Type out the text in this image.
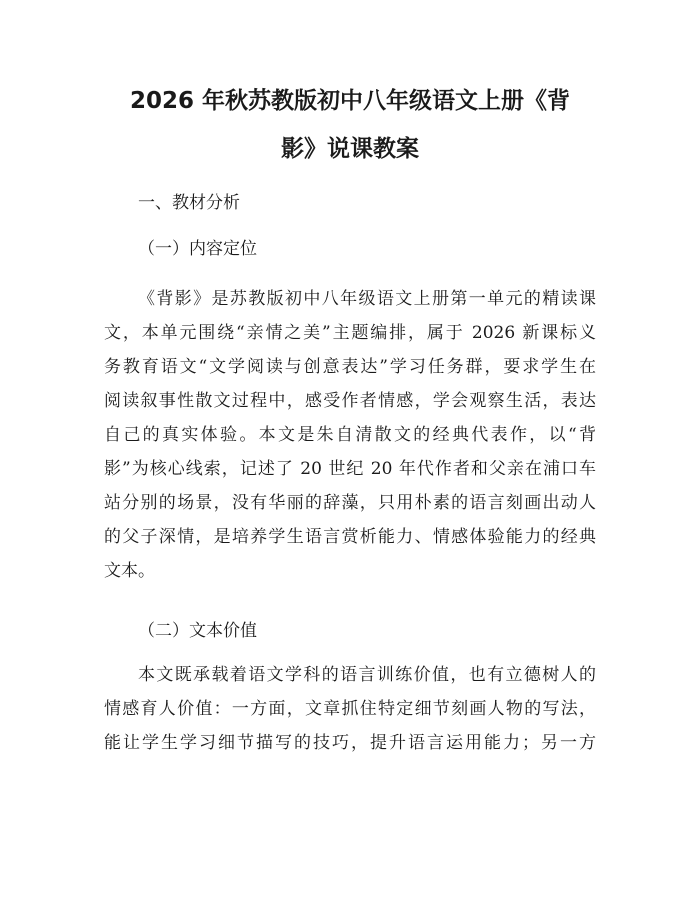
2026 年秋苏教版初中八年级语文上册《背
影》说课教案
一、教材分析
（一）内容定位
《背影》是苏教版初中八年级语文上册第一单元的精读课
文，本单元围绕“亲情之美”主题编排，属于 2026 新课标义
务教育语文“文学阅读与创意表达”学习任务群，要求学生在
阅读叙事性散文过程中，感受作者情感，学会观察生活，表达
自己的真实体验。本文是朱自清散文的经典代表作，以“背
影”为核心线索，记述了 20 世纪 20 年代作者和父亲在浦口车
站分别的场景，没有华丽的辞藻，只用朴素的语言刻画出动人
的父子深情，是培养学生语言赏析能力、情感体验能力的经典
文本。
（二）文本价值
本文既承载着语文学科的语言训练价值，也有立德树人的
情感育人价值：一方面，文章抓住特定细节刻画人物的写法，
能让学生学习细节描写的技巧，提升语言运用能力；另一方
